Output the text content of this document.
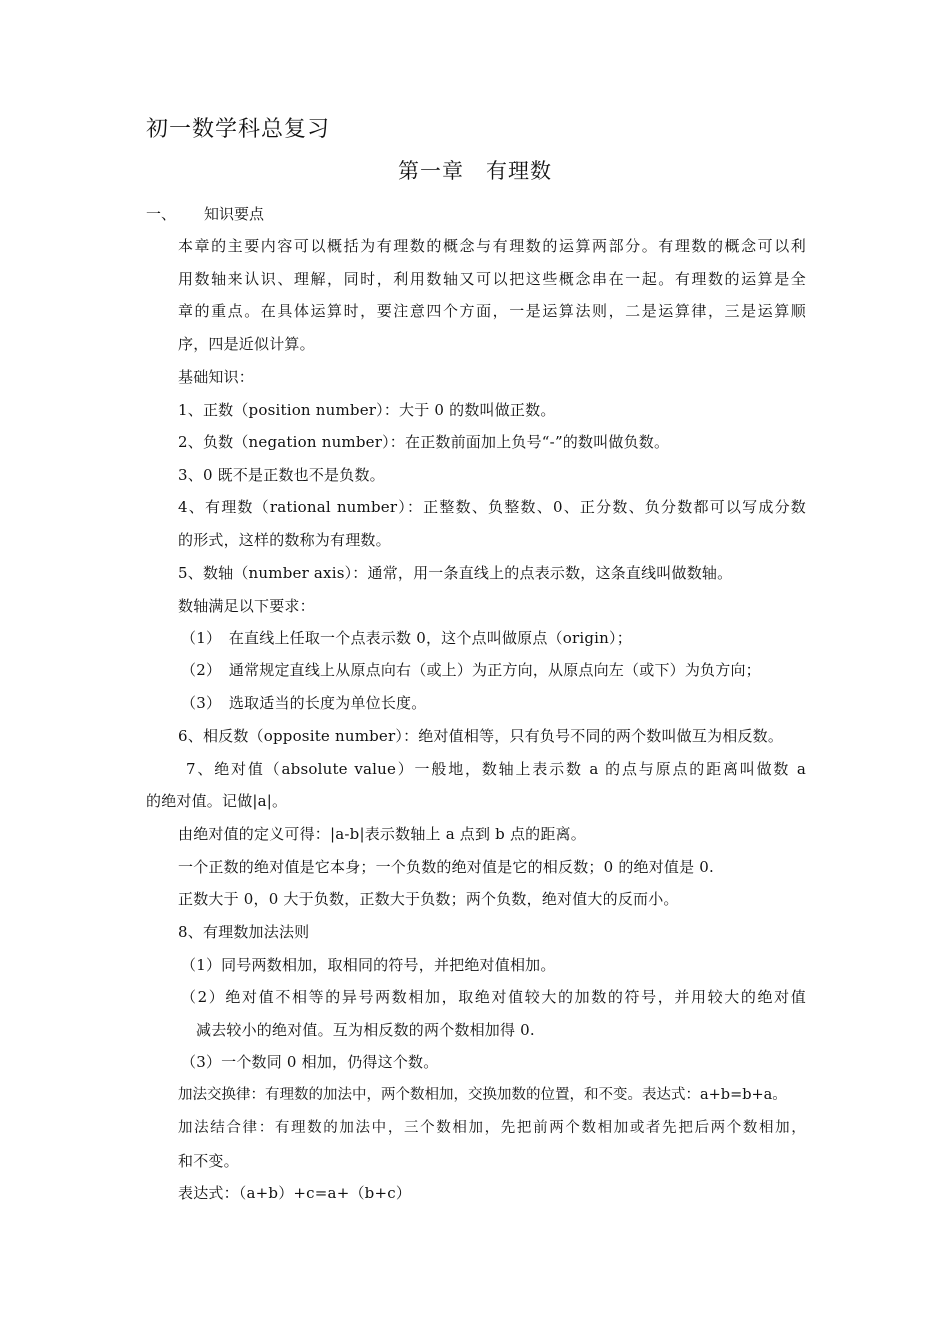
初一数学科总复习
第一章　有理数
一、 知识要点
本章的主要内容可以概括为有理数的概念与有理数的运算两部分。有理数的概念可以利
用数轴来认识、理解，同时，利用数轴又可以把这些概念串在一起。有理数的运算是全
章的重点。在具体运算时，要注意四个方面，一是运算法则，二是运算律，三是运算顺
序，四是近似计算。
基础知识：
1、正数（position number）：大于 0 的数叫做正数。
2、负数（negation number）：在正数前面加上负号“-”的数叫做负数。
3、0 既不是正数也不是负数。
4、有理数（rational number）：正整数、负整数、0、正分数、负分数都可以写成分数
的形式，这样的数称为有理数。
5、数轴（number axis）：通常，用一条直线上的点表示数，这条直线叫做数轴。
数轴满足以下要求：
（1）　在直线上任取一个点表示数 0，这个点叫做原点（origin）；
（2）　通常规定直线上从原点向右（或上）为正方向，从原点向左（或下）为负方向；
（3）　选取适当的长度为单位长度。
6、相反数（opposite number）：绝对值相等，只有负号不同的两个数叫做互为相反数。
7、绝对值（absolute value）一般地，数轴上表示数 a 的点与原点的距离叫做数 a
的绝对值。记做|a|。
由绝对值的定义可得：|a-b|表示数轴上 a 点到 b 点的距离。
一个正数的绝对值是它本身；一个负数的绝对值是它的相反数；0 的绝对值是 0.
正数大于 0，0 大于负数，正数大于负数；两个负数，绝对值大的反而小。
8、有理数加法法则
（1）同号两数相加，取相同的符号，并把绝对值相加。
（2）绝对值不相等的异号两数相加，取绝对值较大的加数的符号，并用较大的绝对值
减去较小的绝对值。互为相反数的两个数相加得 0.
（3）一个数同 0 相加，仍得这个数。
加法交换律：有理数的加法中，两个数相加，交换加数的位置，和不变。表达式：a+b=b+a。
加法结合律：有理数的加法中，三个数相加，先把前两个数相加或者先把后两个数相加，
和不变。
表达式：（a+b）+c=a+（b+c）
